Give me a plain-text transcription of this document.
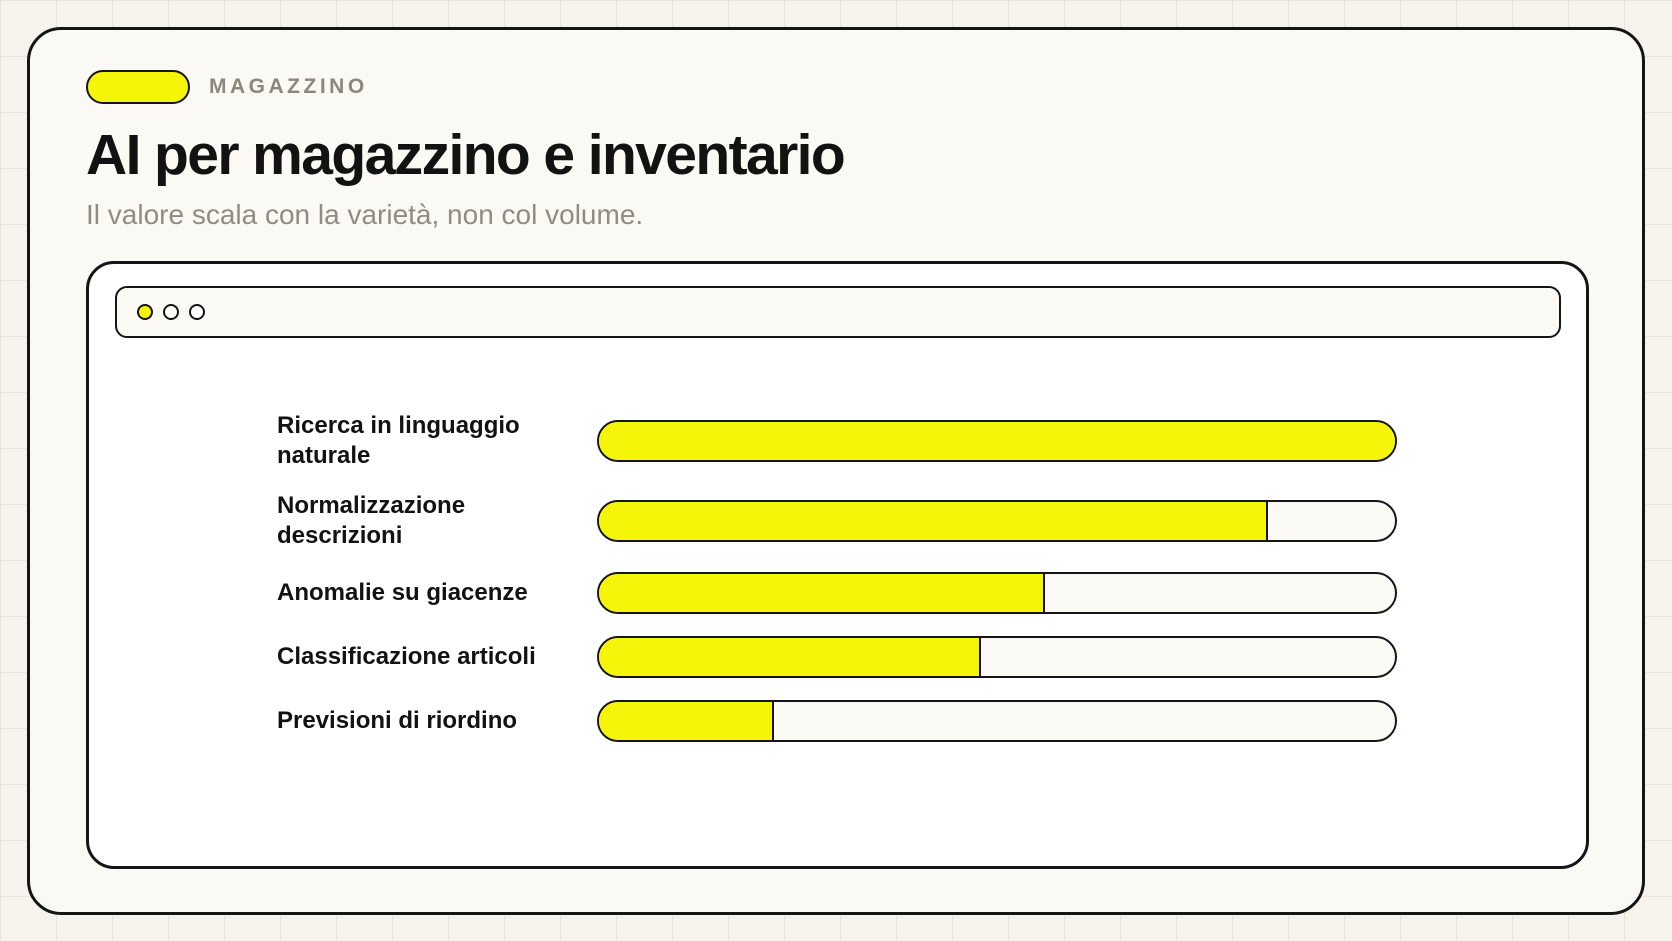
MAGAZZINO
AI per magazzino e inventario
Il valore scala con la varietà, non col volume.
Ricerca in linguaggio naturale
Normalizzazione descrizioni
Anomalie su giacenze
Classificazione articoli
Previsioni di riordino
